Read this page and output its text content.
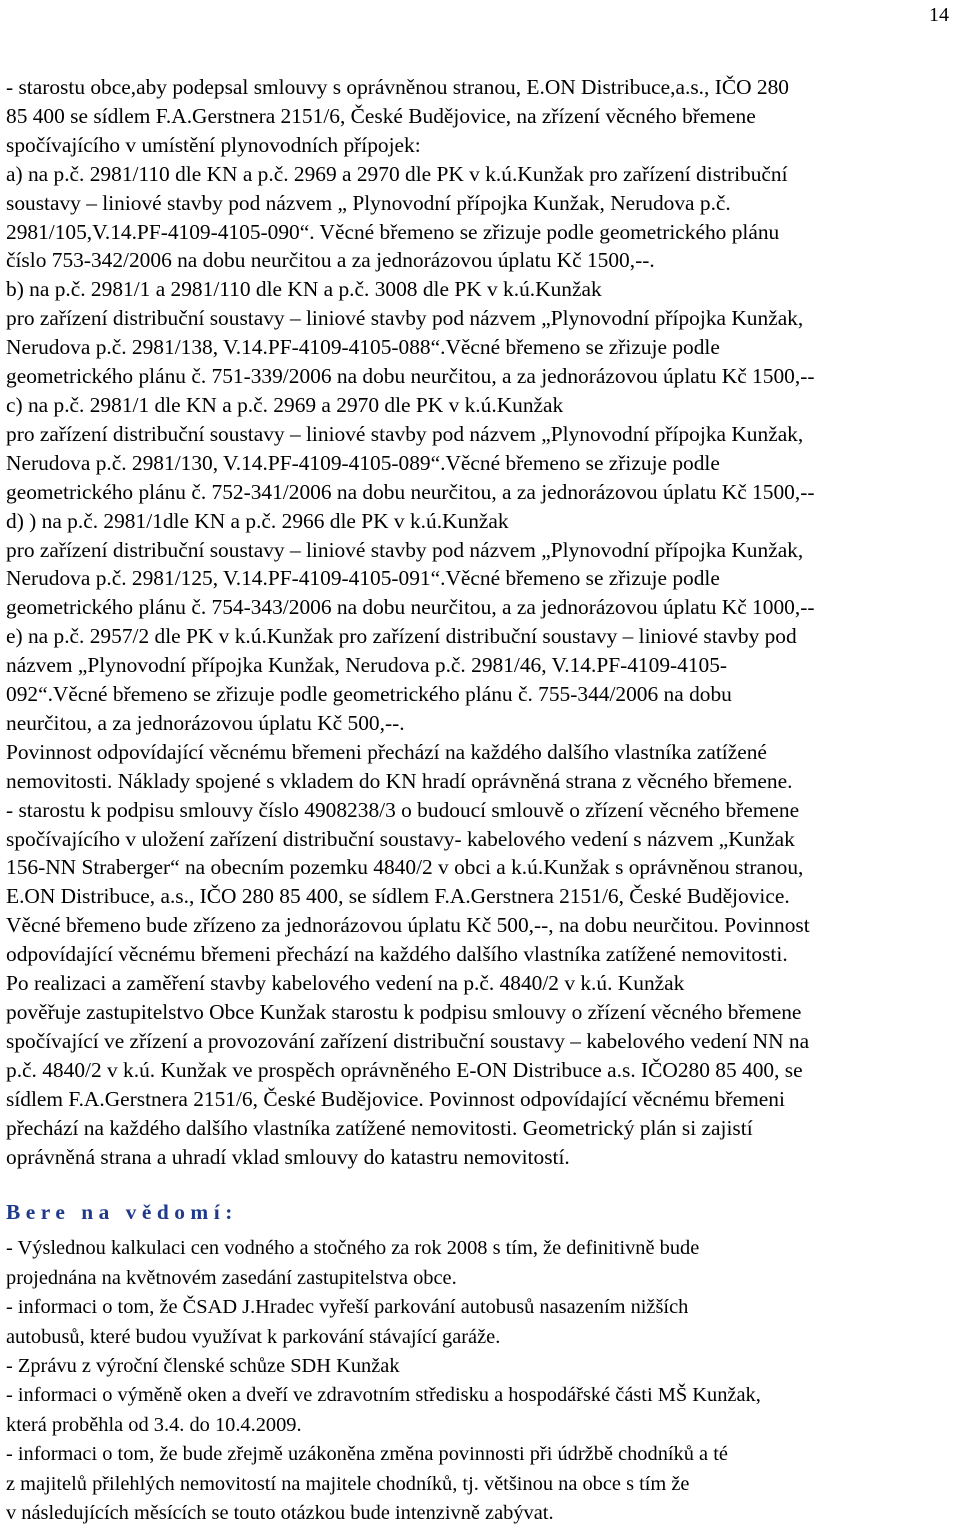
14
- starostu obce,aby podepsal smlouvy s oprávněnou stranou, E.ON Distribuce,a.s., IČO 280
85 400 se sídlem F.A.Gerstnera 2151/6, České Budějovice, na zřízení věcného břemene
spočívajícího v umístění plynovodních přípojek:
a) na p.č. 2981/110 dle KN a p.č. 2969 a 2970 dle PK v k.ú.Kunžak pro zařízení distribuční
soustavy – liniové stavby pod názvem „ Plynovodní přípojka Kunžak, Nerudova p.č.
2981/105,V.14.PF-4109-4105-090“. Věcné břemeno se zřizuje podle geometrického plánu
číslo 753-342/2006 na dobu neurčitou a za jednorázovou úplatu Kč 1500,--.
b) na p.č. 2981/1 a 2981/110 dle KN a p.č. 3008 dle PK v k.ú.Kunžak
pro zařízení distribuční soustavy – liniové stavby pod názvem „Plynovodní přípojka Kunžak,
Nerudova p.č. 2981/138, V.14.PF-4109-4105-088“.Věcné břemeno se zřizuje podle
geometrického plánu č. 751-339/2006 na dobu neurčitou, a za jednorázovou úplatu Kč 1500,--
c) na p.č. 2981/1 dle KN a p.č. 2969 a 2970 dle PK v k.ú.Kunžak
pro zařízení distribuční soustavy – liniové stavby pod názvem „Plynovodní přípojka Kunžak,
Nerudova p.č. 2981/130, V.14.PF-4109-4105-089“.Věcné břemeno se zřizuje podle
geometrického plánu č. 752-341/2006 na dobu neurčitou, a za jednorázovou úplatu Kč 1500,--
d) ) na p.č. 2981/1dle KN a p.č. 2966 dle PK v k.ú.Kunžak
pro zařízení distribuční soustavy – liniové stavby pod názvem „Plynovodní přípojka Kunžak,
Nerudova p.č. 2981/125, V.14.PF-4109-4105-091“.Věcné břemeno se zřizuje podle
geometrického plánu č. 754-343/2006 na dobu neurčitou, a za jednorázovou úplatu Kč 1000,--
e) na p.č. 2957/2 dle PK v k.ú.Kunžak pro zařízení distribuční soustavy – liniové stavby pod
názvem „Plynovodní přípojka Kunžak, Nerudova p.č. 2981/46, V.14.PF-4109-4105-
092“.Věcné břemeno se zřizuje podle geometrického plánu č. 755-344/2006 na dobu
neurčitou, a za jednorázovou úplatu Kč 500,--.
Povinnost odpovídající věcnému břemeni přechází na každého dalšího vlastníka zatížené
nemovitosti. Náklady spojené s vkladem do KN hradí oprávněná strana z věcného břemene.
- starostu k podpisu smlouvy číslo 4908238/3 o budoucí smlouvě o zřízení věcného břemene
spočívajícího v uložení zařízení distribuční soustavy- kabelového vedení s názvem „Kunžak
156-NN Straberger“ na obecním pozemku 4840/2 v obci a k.ú.Kunžak s oprávněnou stranou,
E.ON Distribuce, a.s., IČO 280 85 400, se sídlem F.A.Gerstnera 2151/6, České Budějovice.
Věcné břemeno bude zřízeno za jednorázovou úplatu Kč 500,--, na dobu neurčitou. Povinnost
odpovídající věcnému břemeni přechází na každého dalšího vlastníka zatížené nemovitosti.
Po realizaci a zaměření stavby kabelového vedení na p.č. 4840/2 v k.ú. Kunžak
pověřuje zastupitelstvo Obce Kunžak starostu k podpisu smlouvy o zřízení věcného břemene
spočívající ve zřízení a provozování zařízení distribuční soustavy – kabelového vedení NN na
p.č. 4840/2 v k.ú. Kunžak ve prospěch oprávněného E-ON Distribuce a.s. IČO280 85 400, se
sídlem F.A.Gerstnera 2151/6, České Budějovice. Povinnost odpovídající věcnému břemeni
přechází na každého dalšího vlastníka zatížené nemovitosti. Geometrický plán si zajistí
oprávněná strana a uhradí vklad smlouvy do katastru nemovitostí.
Bere na vědomí:
- Výslednou kalkulaci cen vodného a stočného za rok 2008 s tím, že definitivně bude
projednána na květnovém zasedání zastupitelstva obce.
- informaci o tom, že ČSAD J.Hradec vyřeší parkování autobusů nasazením nižších
autobusů, které budou využívat k parkování stávající garáže.
- Zprávu z výroční členské schůze SDH Kunžak
- informaci o výměně oken a dveří ve zdravotním středisku a hospodářské části MŠ Kunžak,
která proběhla od 3.4. do 10.4.2009.
- informaci o tom, že bude zřejmě uzákoněna změna povinnosti při údržbě chodníků a té
z majitelů přilehlých nemovitostí na majitele chodníků, tj. většinou na obce s tím že
v následujících měsících se touto otázkou bude intenzivně zabývat.
